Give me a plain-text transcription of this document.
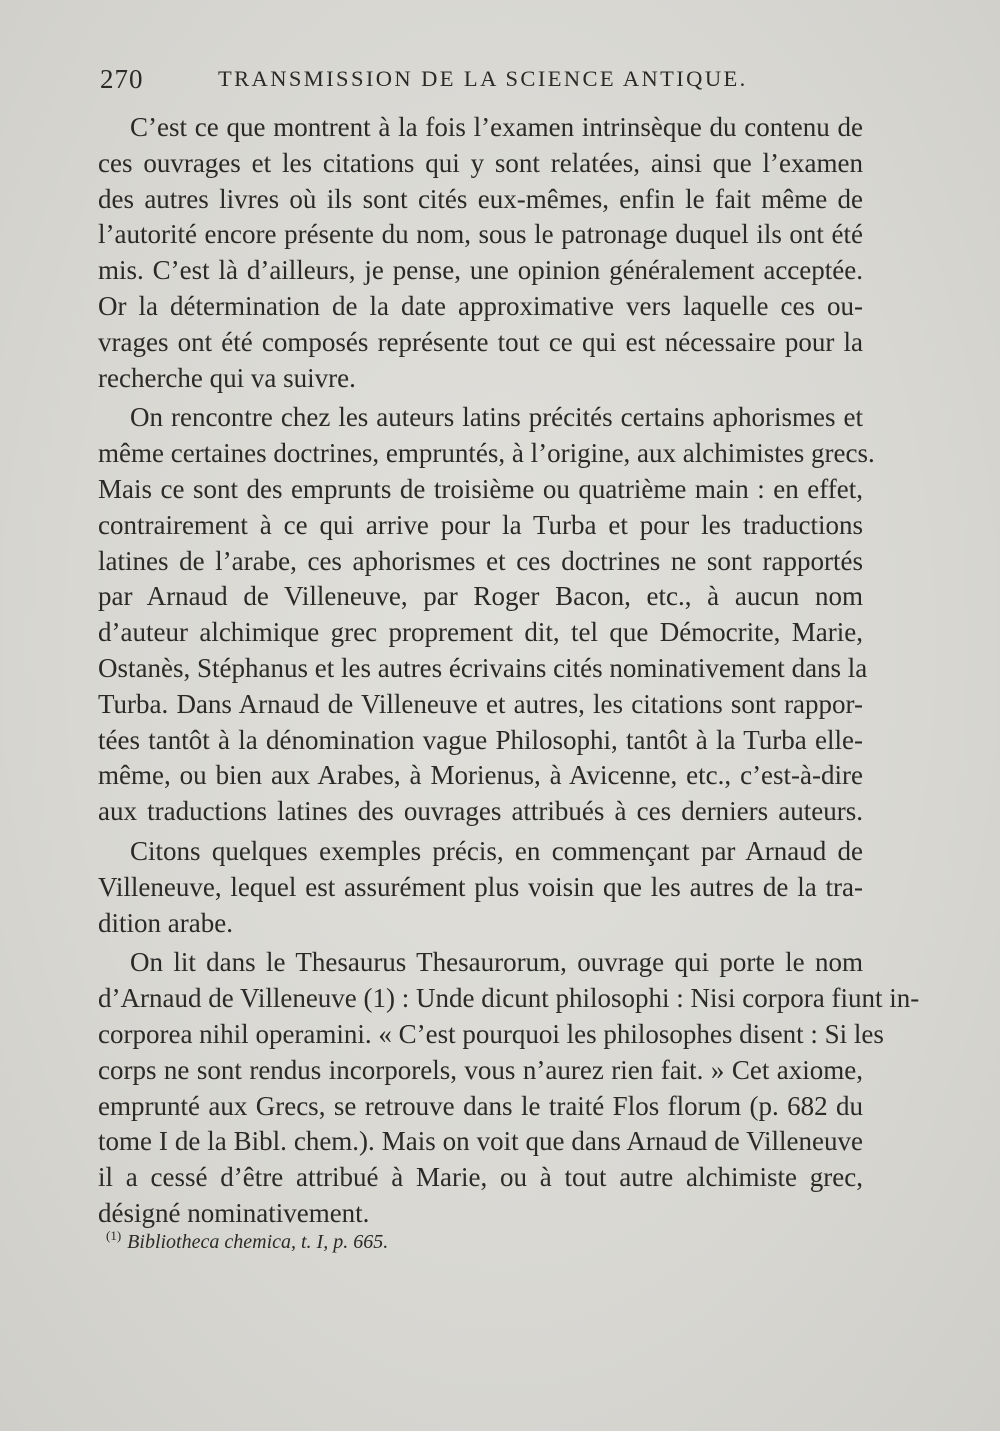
270	TRANSMISSION DE LA SCIENCE ANTIQUE.

C’est ce que montrent à la fois l’examen intrinsèque du contenu de
ces ouvrages et les citations qui y sont relatées, ainsi que l’examen
des autres livres où ils sont cités eux-mêmes, enfin le fait même de
l’autorité encore présente du nom, sous le patronage duquel ils ont été
mis. C’est là d’ailleurs, je pense, une opinion généralement acceptée.
Or la détermination de la date approximative vers laquelle ces ou-
vrages ont été composés représente tout ce qui est nécessaire pour la
recherche qui va suivre.

On rencontre chez les auteurs latins précités certains aphorismes et
même certaines doctrines, empruntés, à l’origine, aux alchimistes grecs.
Mais ce sont des emprunts de troisième ou quatrième main : en effet,
contrairement à ce qui arrive pour la Turba et pour les traductions
latines de l’arabe, ces aphorismes et ces doctrines ne sont rapportés
par Arnaud de Villeneuve, par Roger Bacon, etc., à aucun nom
d’auteur alchimique grec proprement dit, tel que Démocrite, Marie,
Ostanès, Stéphanus et les autres écrivains cités nominativement dans la
Turba. Dans Arnaud de Villeneuve et autres, les citations sont rappor-
tées tantôt à la dénomination vague Philosophi, tantôt à la Turba elle-
même, ou bien aux Arabes, à Morienus, à Avicenne, etc., c’est-à-dire
aux traductions latines des ouvrages attribués à ces derniers auteurs.

Citons quelques exemples précis, en commençant par Arnaud de
Villeneuve, lequel est assurément plus voisin que les autres de la tra-
dition arabe.

On lit dans le Thesaurus Thesaurorum, ouvrage qui porte le nom
d’Arnaud de Villeneuve (1) : Unde dicunt philosophi : Nisi corpora fiunt in-
corporea nihil operamini. « C’est pourquoi les philosophes disent : Si les
corps ne sont rendus incorporels, vous n’aurez rien fait. » Cet axiome,
emprunté aux Grecs, se retrouve dans le traité Flos florum (p. 682 du
tome I de la Bibl. chem.). Mais on voit que dans Arnaud de Villeneuve
il a cessé d’être attribué à Marie, ou à tout autre alchimiste grec,
désigné nominativement.

$^{(1)}$ Bibliotheca chemica, t. I, p. 665.
